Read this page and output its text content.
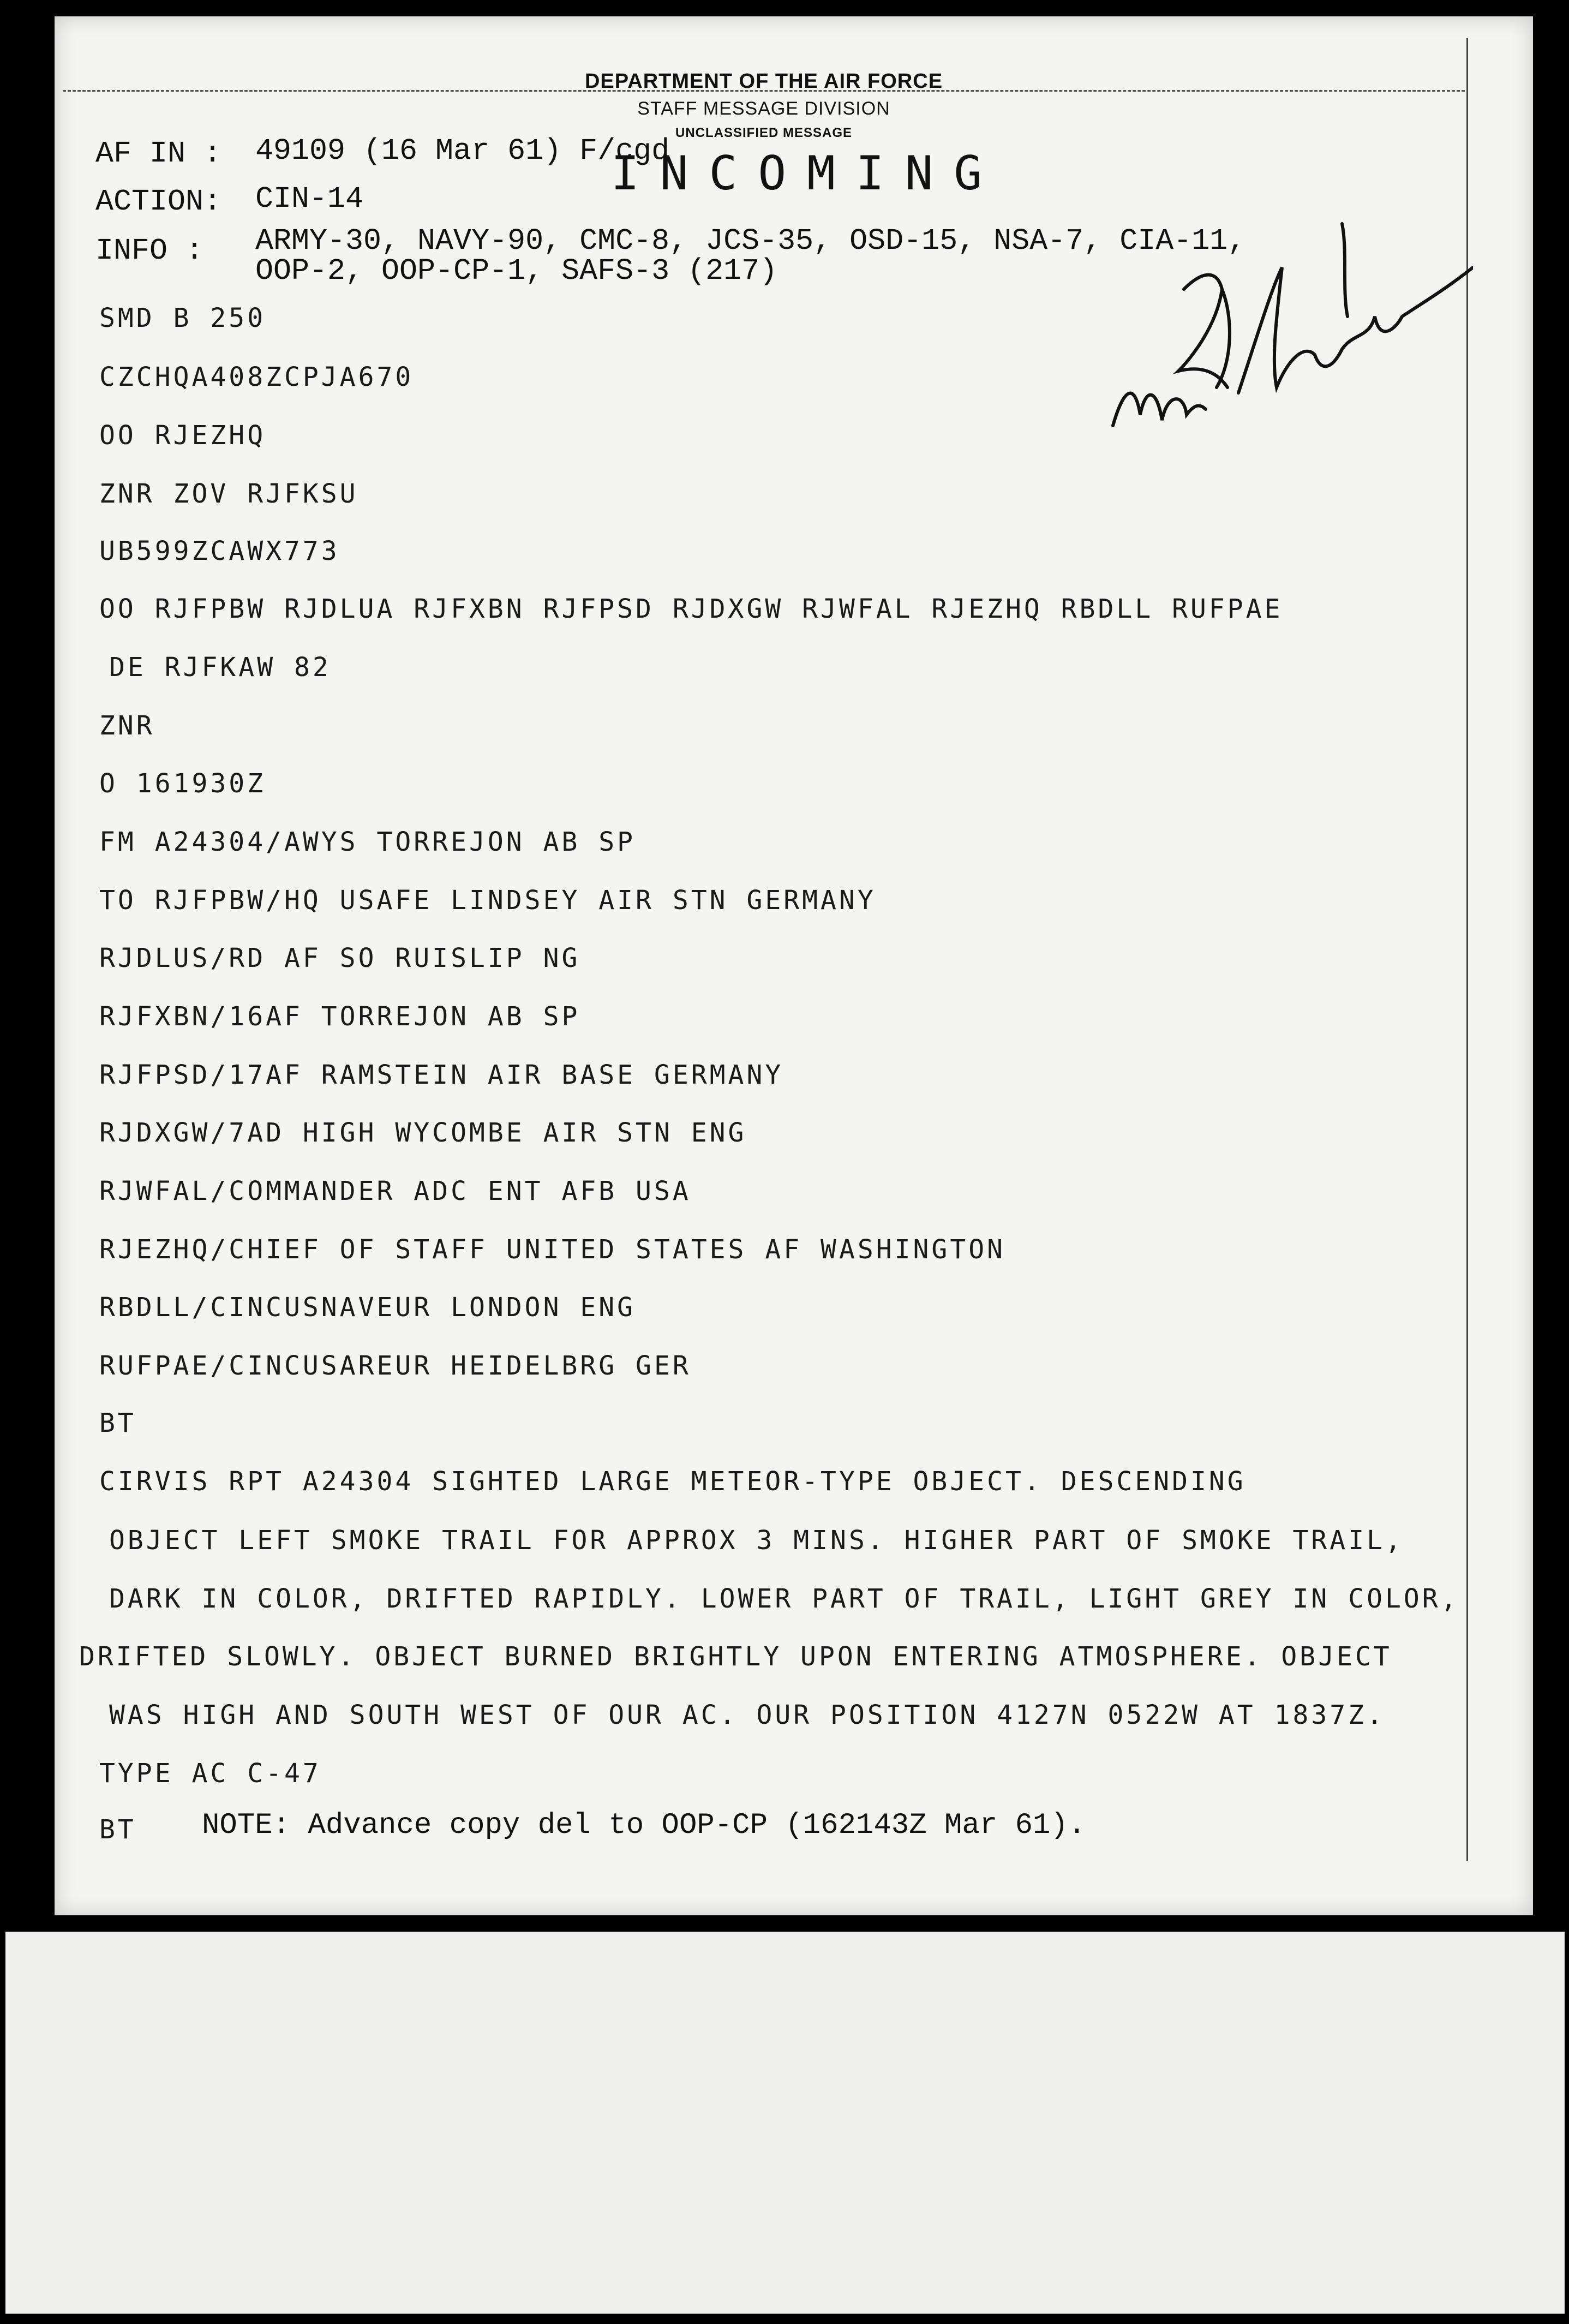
DEPARTMENT OF THE AIR FORCE
STAFF MESSAGE DIVISION
UNCLASSIFIED MESSAGE
INCOMING
AF IN : 49109 (16 Mar 61) F/cgd
ACTION: CIN-14
INFO : ARMY-30, NAVY-90, CMC-8, JCS-35, OSD-15, NSA-7, CIA-11,
OOP-2, OOP-CP-1, SAFS-3 (217)
SMD B 250
CZCHQA408ZCPJA670
OO RJEZHQ
ZNR ZOV RJFKSU
UB599ZCAWX773
OO RJFPBW RJDLUA RJFXBN RJFPSD RJDXGW RJWFAL RJEZHQ RBDLL RUFPAE
DE RJFKAW 82
ZNR
O 161930Z
FM A24304/AWYS TORREJON AB SP
TO RJFPBW/HQ USAFE LINDSEY AIR STN GERMANY
RJDLUS/RD AF SO RUISLIP NG
RJFXBN/16AF TORREJON AB SP
RJFPSD/17AF RAMSTEIN AIR BASE GERMANY
RJDXGW/7AD HIGH WYCOMBE AIR STN ENG
RJWFAL/COMMANDER ADC ENT AFB USA
RJEZHQ/CHIEF OF STAFF UNITED STATES AF WASHINGTON
RBDLL/CINCUSNAVEUR LONDON ENG
RUFPAE/CINCUSAREUR HEIDELBRG GER
BT
CIRVIS RPT A24304 SIGHTED LARGE METEOR-TYPE OBJECT. DESCENDING
OBJECT LEFT SMOKE TRAIL FOR APPROX 3 MINS. HIGHER PART OF SMOKE TRAIL,
DARK IN COLOR, DRIFTED RAPIDLY. LOWER PART OF TRAIL, LIGHT GREY IN COLOR,
DRIFTED SLOWLY. OBJECT BURNED BRIGHTLY UPON ENTERING ATMOSPHERE. OBJECT
WAS HIGH AND SOUTH WEST OF OUR AC. OUR POSITION 4127N 0522W AT 1837Z.
TYPE AC C-47
BT NOTE: Advance copy del to OOP-CP (162143Z Mar 61).
